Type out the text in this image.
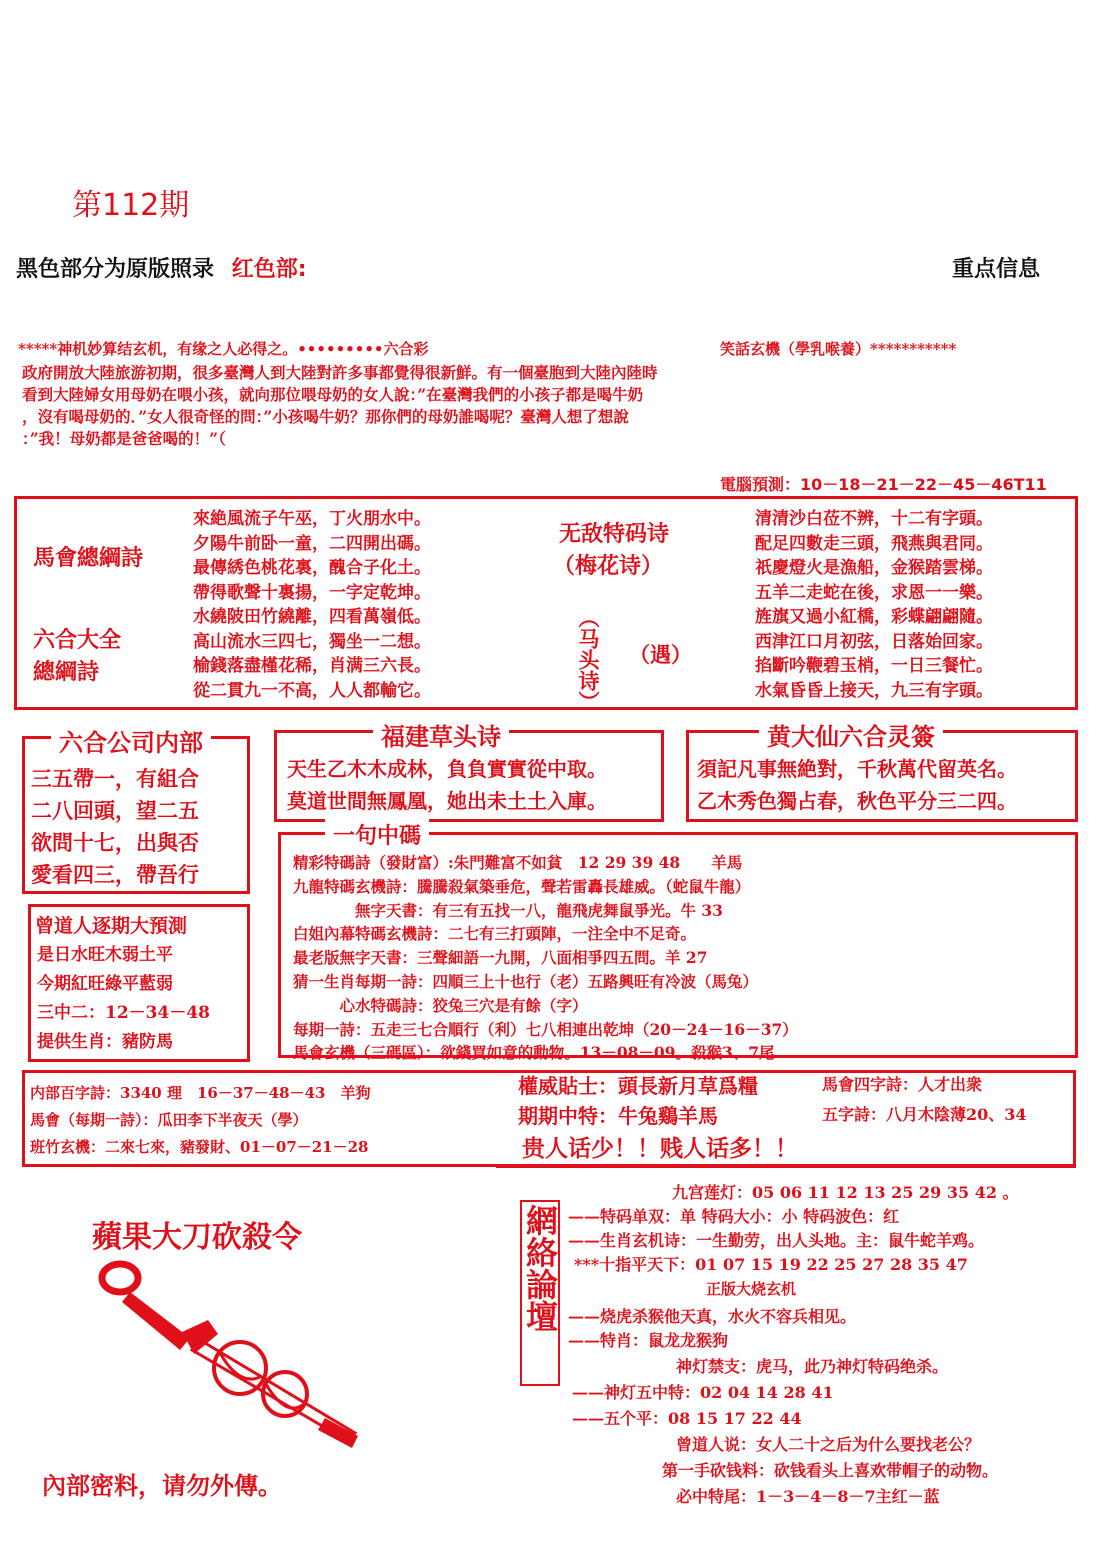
第112期
黑色部分为原版照录 红色部:	重点信息
*****神机妙算结玄机，有缘之人必得之。•••••••••六合彩	笑話玄機（學乳喉養）***********
政府開放大陸旅游初期，很多臺灣人到大陸對許多事都覺得很新鮮。有一個臺胞到大陸內陸時
看到大陸婦女用母奶在喂小孩，就向那位喂母奶的女人說：”在臺灣我們的小孩子都是喝牛奶
，沒有喝母奶的．”女人很奇怪的問：”小孩喝牛奶？那你們的母奶誰喝呢？臺灣人想了想說
：”我！母奶都是爸爸喝的！”（
電腦預測：10－18－21－22－45－46T11
馬會總綱詩
六合大全
總綱詩
來絶風流子午巫，丁火朋水中。
夕陽牛前卧一童，二四開出碼。
最傳綉色桃花裏，醜合子化土。
帶得歌聲十裏揚，一字定乾坤。
水繞陂田竹繞離，四看萬嶺低。
高山流水三四七，獨坐一二想。
榆錢落盡槿花稀，肖满三六長。
從二貫九一不高，人人都輸它。
无敌特码诗
（梅花诗）
（马头诗） （遇）
清清沙白莅不辨，十二有字頭。
配足四數走三頭，飛燕與君同。
祇慶燈火是漁船，金猴踏雲梯。
五羊二走蛇在後，求恩一一樂。
旌旗又過小紅橋，彩蝶翩翩隨。
西津江口月初弦，日落始回家。
掐斷吟鞭碧玉梢，一日三餐忙。
水氣昏昏上接天，九三有字頭。
六合公司内部
三五帶一，有組合
二八回頭，望二五
欲問十七，出與否
愛看四三，帶吾行
福建草头诗
天生乙木木成林，負負實實從中取。
莫道世間無鳳凰，她出未土土入庫。
黄大仙六合灵簽
須記凡事無絶對，千秋萬代留英名。
乙木秀色獨占春，秋色平分三二四。
一句中碼
精彩特碼詩（發財富）:朱門難富不如貧　12 29 39 48　　羊馬
九龍特碼玄機詩：騰騰殺氣築垂危，聲若雷轟長雄威。（蛇鼠牛龍）
　　　　無字天書：有三有五找一八，龍飛虎舞鼠爭光。牛 33
白姐內幕特碼玄機詩：二七有三打頭陣，一注全中不足奇。
最老版無字天書：三聲細語一九開，八面相爭四五問。羊 27
猜一生肖每期一詩：四順三上十也行（老）五路興旺有冷波（馬兔）
　　　心水特碼詩：狡兔三穴是有餘（字）
每期一詩：五走三七合順行（利）七八相連出乾坤（20－24－16－37）
馬會玄機（三碼區）：欲錢買如意的動物。13－08－09。殺猴3、7尾
曾道人逐期大預測
是日水旺木弱土平
今期紅旺綠平藍弱
三中二：12－34－48
提供生肖：豬防馬
内部百字詩：3340 理　16－37－48－43　羊狗
馬會（每期一詩）：瓜田李下半夜天（學）
班竹玄機：二來七來，豬發財、01－07－21－28
權威貼士：頭長新月草爲糧
期期中特：牛兔鷄羊馬
馬會四字詩：人才出衆
五字詩：八月木陰薄20、34
贵人话少！！贱人话多！！
蘋果大刀砍殺令
內部密料，请勿外傳。
網絡論壇
九宫莲灯：05 06 11 12 13 25 29 35 42 。
——特码单双：单 特码大小：小 特码波色：红
——生肖玄机诗：一生勤劳，出人头地。主：鼠牛蛇羊鸡。
***十指平天下：01 07 15 19 22 25 27 28 35 47
正版大烧玄机
——烧虎杀猴他天真，水火不容兵相见。
——特肖：鼠龙龙猴狗
神灯禁支：虎马，此乃神灯特码绝杀。
——神灯五中特：02 04 14 28 41
——五个平：08 15 17 22 44
曾道人说：女人二十之后为什么要找老公？
第一手砍钱料：砍钱看头上喜欢带帽子的动物。
必中特尾：1－3－4－8－7主红－蓝
